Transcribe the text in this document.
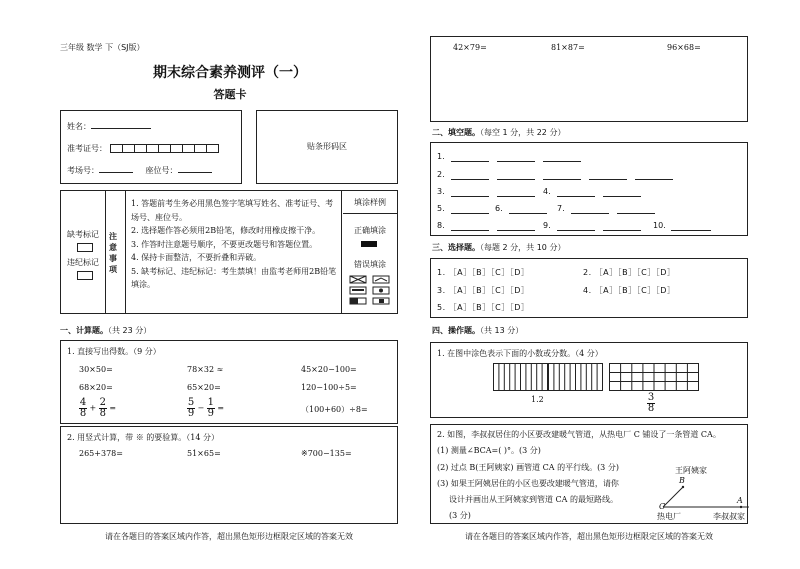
三年级 数学 下（SJ版）
期末综合素养测评（一）
答题卡
姓名：
准考证号：
考场号：	座位号：
贴条形码区
缺考标记
违纪标记
注意事项
1. 答题前考生务必用黑色签字笔填写姓名、准考证号、考场号、座位号。
2. 选择题作答必须用2B铅笔，修改时用橡皮擦干净。
3. 作答时注意题号顺序，不要更改题号和答题位置。
4. 保持卡面整洁，不要折叠和弄破。
5. 缺考标记、违纪标记：考生禁填！由监考老师用2B铅笔填涂。
填涂样例
正确填涂
错误填涂
一、计算题。（共 23 分）
1. 直接写出得数。（9 分）
30×50=	78×32 ≈	45×20−100=
68×20=	65×20=	120−100÷5=
$\frac{4}{8} + \frac{2}{8}$ =	$\frac{5}{9} - \frac{1}{9}$ =	（100+60）÷8=
2. 用竖式计算，带 ※ 的要验算。（14 分）
265+378=	51×65=	※700−135=
请在各题目的答案区域内作答，超出黑色矩形边框限定区域的答案无效
42×79=	81×87=	96×68=
二、填空题。（每空 1 分，共 22 分）
1.
2.
3.	4.
5.	6.	7.
8.	9.	10.
三、选择题。（每题 2 分，共 10 分）
1. ［A］［B］［C］［D］	2. ［A］［B］［C］［D］
3. ［A］［B］［C］［D］	4. ［A］［B］［C］［D］
5. ［A］［B］［C］［D］
四、操作题。（共 13 分）
1. 在图中涂色表示下面的小数或分数。（4 分）
1.2	$\frac{3}{8}$
2. 如图，李叔叔居住的小区要改建暖气管道，从热电厂 C 铺设了一条管道 CA。
(1) 测量∠BCA=( )°。(3 分)
(2) 过点 B(王阿姨家) 画管道 CA 的平行线。(3 分)
(3) 如果王阿姨居住的小区也要改建暖气管道，请你
设计并画出从王阿姨家到管道 CA 的最短路线。
(3 分)
王阿姨家
B
C
A
热电厂	李叔叔家
请在各题目的答案区域内作答，超出黑色矩形边框限定区域的答案无效
